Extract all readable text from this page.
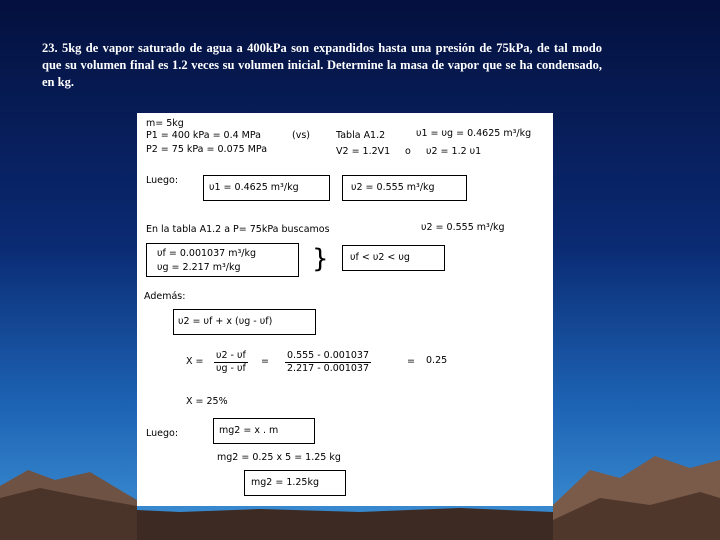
23. 5kg de vapor saturado de agua a 400kPa son expandidos hasta una presión de 75kPa, de tal modo que su volumen final es 1.2 veces su volumen inicial. Determine la masa de vapor que se ha condensado, en kg.
m= 5kg
P1 = 400 kPa = 0.4 MPa
P2 = 75 kPa = 0.075 MPa
(vs)	Tabla A1.2	υ1 = υg = 0.4625 m³/kg
V2 = 1.2V1 o υ2 = 1.2 υ1
Luego:
υ1 = 0.4625 m³/kg	υ2 = 0.555 m³/kg
En la tabla A1.2 a P= 75kPa buscamos	υ2 = 0.555 m³/kg
υf = 0.001037 m³/kg
υg = 2.217 m³/kg	} υf < υ2 < υg
Además:
υ2 = υf + x (υg - υf)
$X = \frac{\upsilon 2 - \upsilon f}{\upsilon g - \upsilon f} = \frac{0.555 - 0.001037}{2.217 - 0.001037}$	= 0.25
X = 25%
Luego:	mg2 = x . m
mg2 = 0.25 x 5 = 1.25 kg
mg2 = 1.25kg
